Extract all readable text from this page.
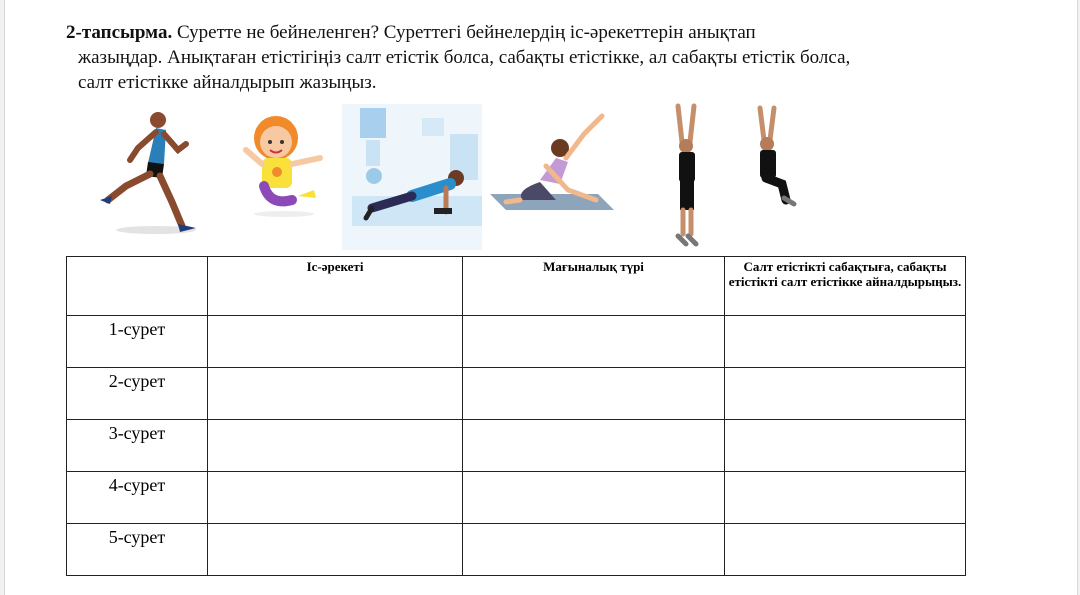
2-тапсырма. Суретте не бейнеленген? Суреттегі бейнелердің іс-әрекеттерін анықтап
жазыңдар. Анықтаған етістігіңіз салт етістік болса, сабақты етістікке, ал сабақты етістік болса,
салт етістікке айналдырып жазыңыз.
	Іс-әрекеті	Мағыналық түрі	Салт етістікті сабақтыға, сабақты етістікті салт етістікке айналдырыңыз.
1-сурет			
2-сурет			
3-сурет			
4-сурет			
5-сурет			
